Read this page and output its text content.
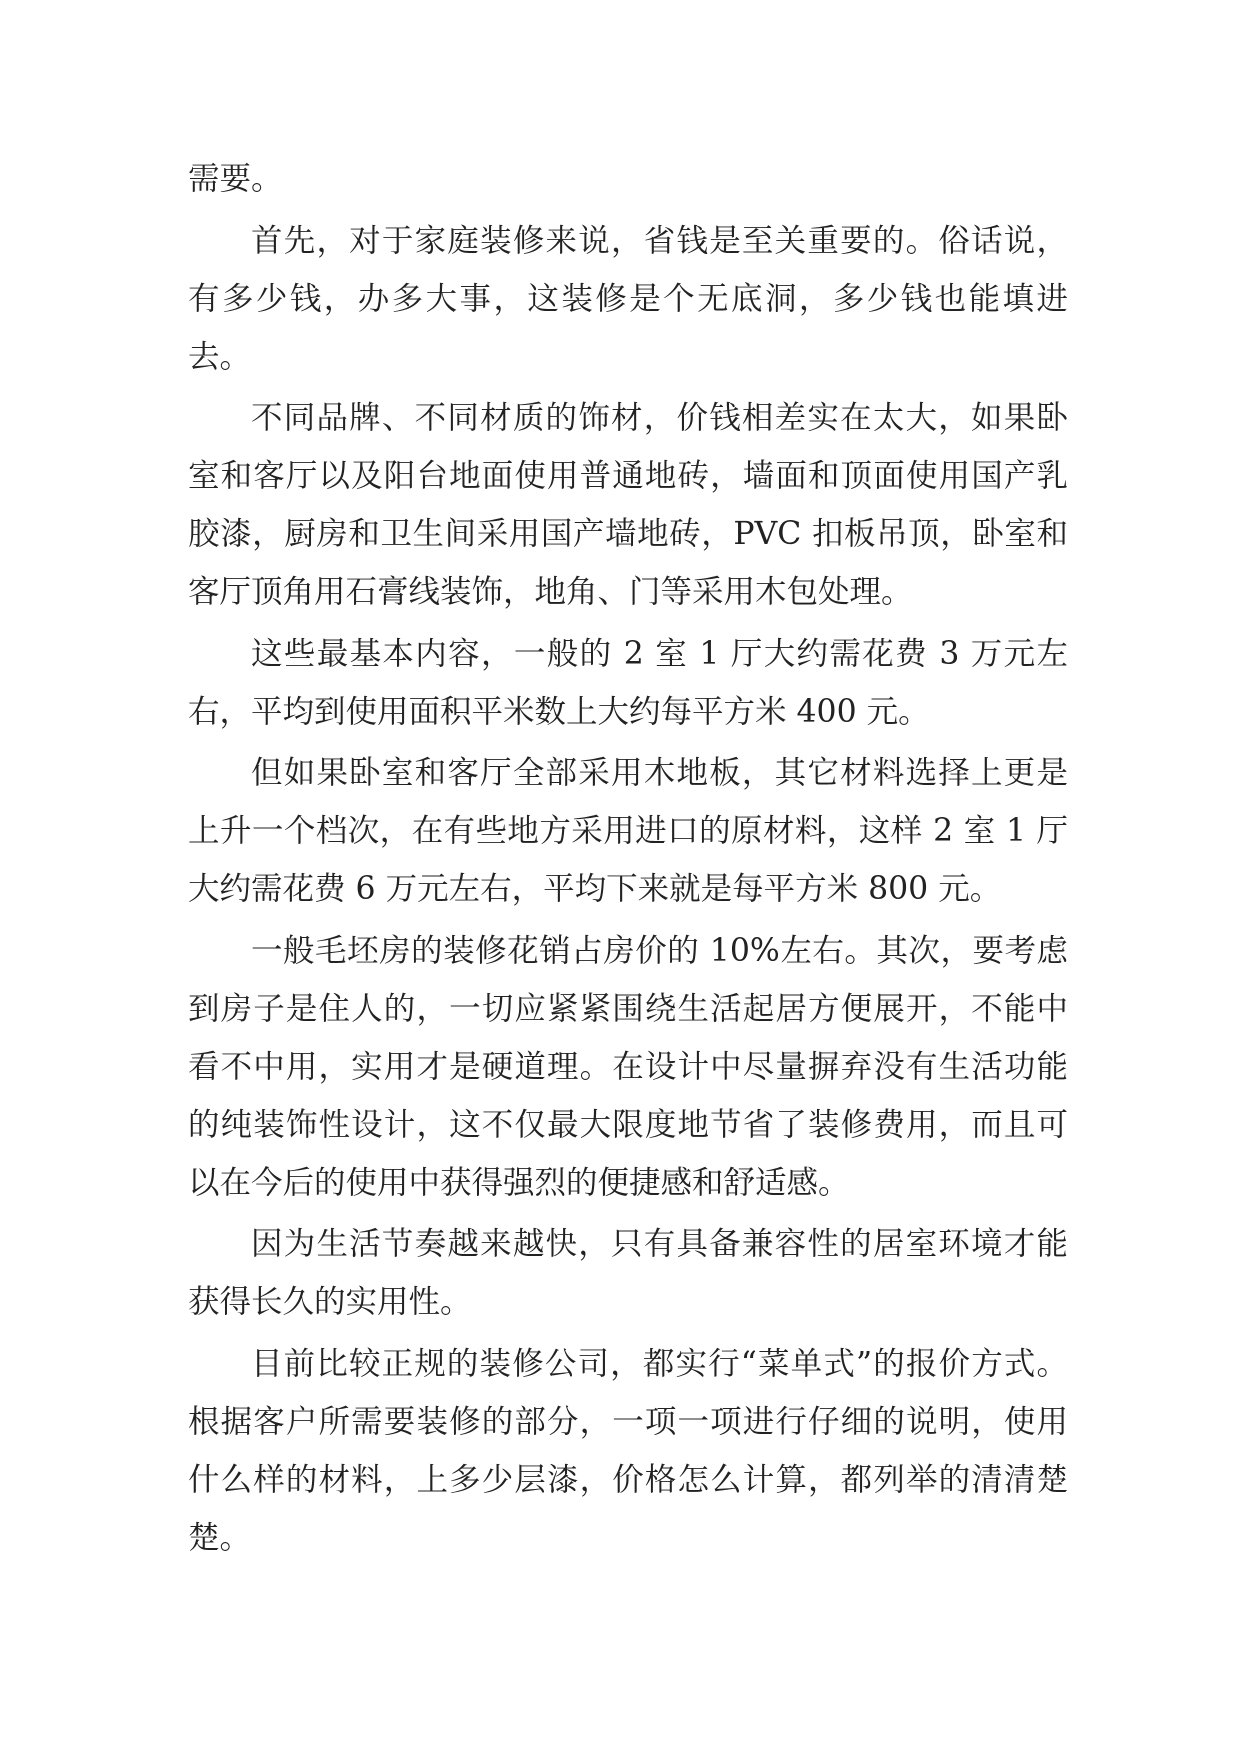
需要。

首先，对于家庭装修来说，省钱是至关重要的。俗话说，有多少钱，办多大事，这装修是个无底洞，多少钱也能填进去。

不同品牌、不同材质的饰材，价钱相差实在太大，如果卧室和客厅以及阳台地面使用普通地砖，墙面和顶面使用国产乳胶漆，厨房和卫生间采用国产墙地砖，PVC 扣板吊顶，卧室和客厅顶角用石膏线装饰，地角、门等采用木包处理。

这些最基本内容，一般的 2 室 1 厅大约需花费 3 万元左右，平均到使用面积平米数上大约每平方米 400 元。

但如果卧室和客厅全部采用木地板，其它材料选择上更是上升一个档次，在有些地方采用进口的原材料，这样 2 室 1 厅大约需花费 6 万元左右，平均下来就是每平方米 800 元。

一般毛坯房的装修花销占房价的 10%左右。其次，要考虑到房子是住人的，一切应紧紧围绕生活起居方便展开，不能中看不中用，实用才是硬道理。在设计中尽量摒弃没有生活功能的纯装饰性设计，这不仅最大限度地节省了装修费用，而且可以在今后的使用中获得强烈的便捷感和舒适感。

因为生活节奏越来越快，只有具备兼容性的居室环境才能获得长久的实用性。

目前比较正规的装修公司，都实行“菜单式”的报价方式。根据客户所需要装修的部分，一项一项进行仔细的说明，使用什么样的材料，上多少层漆，价格怎么计算，都列举的清清楚楚。
